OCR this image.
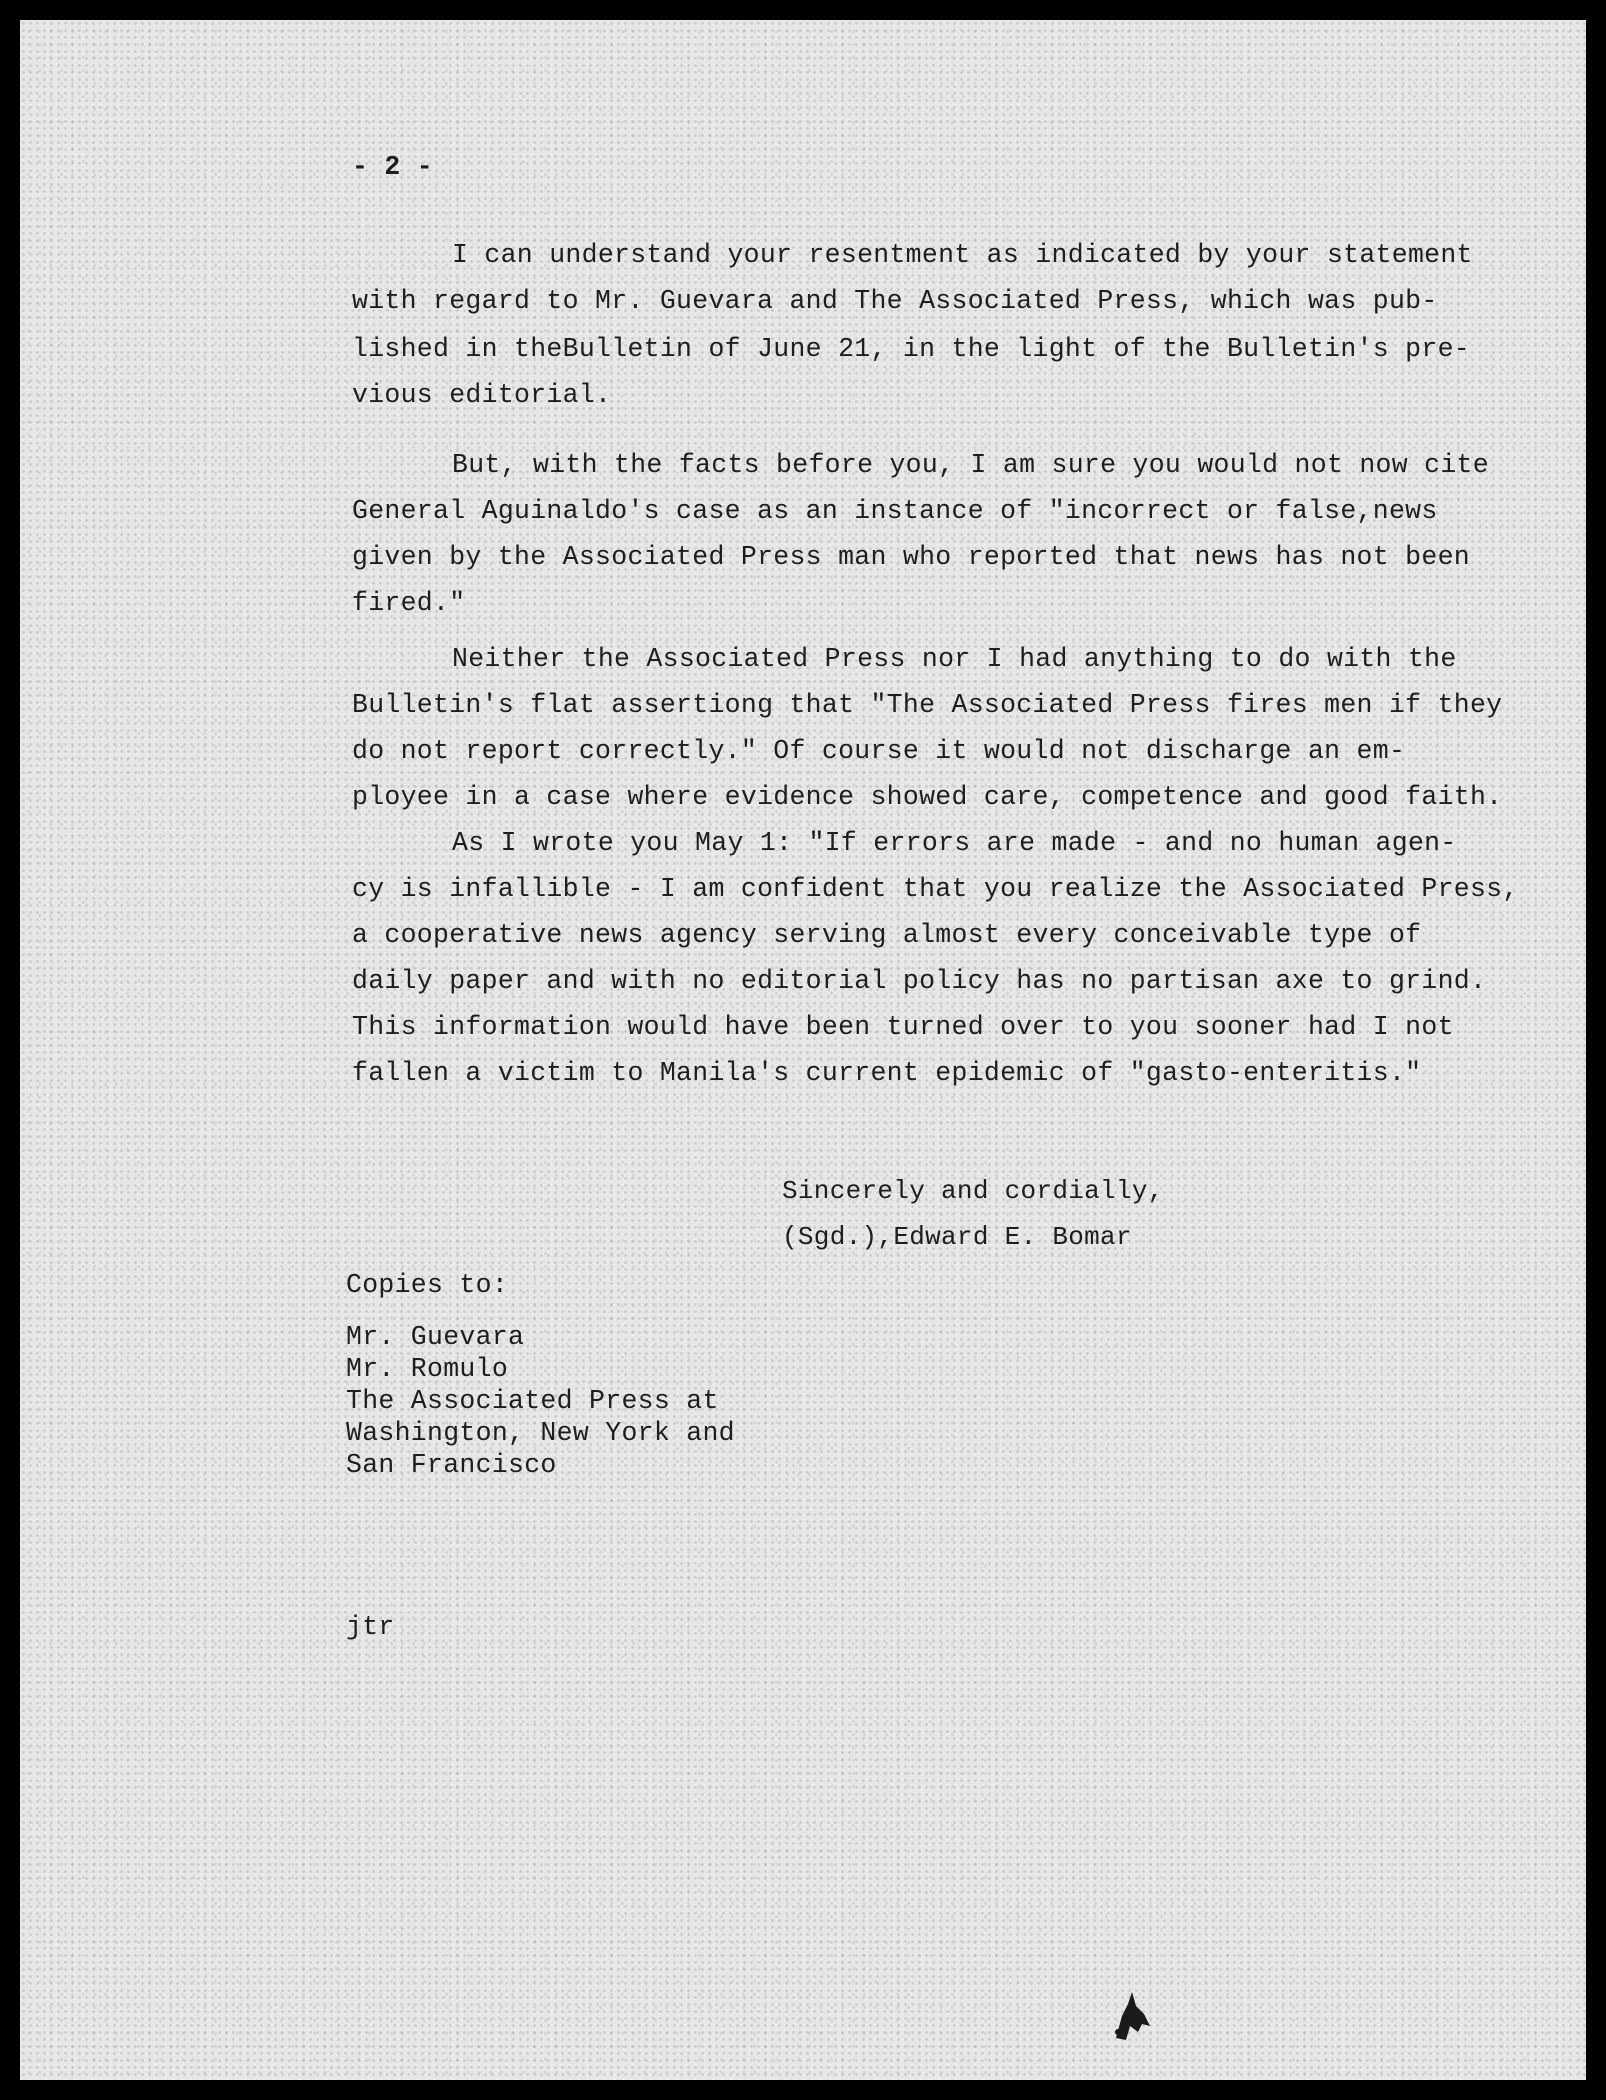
- 2 -
I can understand your resentment as indicated by your statement
with regard to Mr. Guevara and The Associated Press, which was pub-
lished in theBulletin of June 21, in the light of the Bulletin's pre-
vious editorial.
But, with the facts before you, I am sure you would not now cite
General Aguinaldo's case as an instance of "incorrect or false,news
given by the Associated Press man who reported that news has not been
fired."
Neither the Associated Press nor I had anything to do with the
Bulletin's flat assertiong that "The Associated Press fires men if they
do not report correctly." Of course it would not discharge an em-
ployee in a case where evidence showed care, competence and good faith.
As I wrote you May 1: "If errors are made - and no human agen-
cy is infallible - I am confident that you realize the Associated Press,
a cooperative news agency serving almost every conceivable type of
daily paper and with no editorial policy has no partisan axe to grind.
This information would have been turned over to you sooner had I not
fallen a victim to Manila's current epidemic of "gasto-enteritis."
Sincerely and cordially,
(Sgd.),Edward E. Bomar
Copies to:
Mr. Guevara
Mr. Romulo
The Associated Press at
Washington, New York and
San Francisco
jtr
